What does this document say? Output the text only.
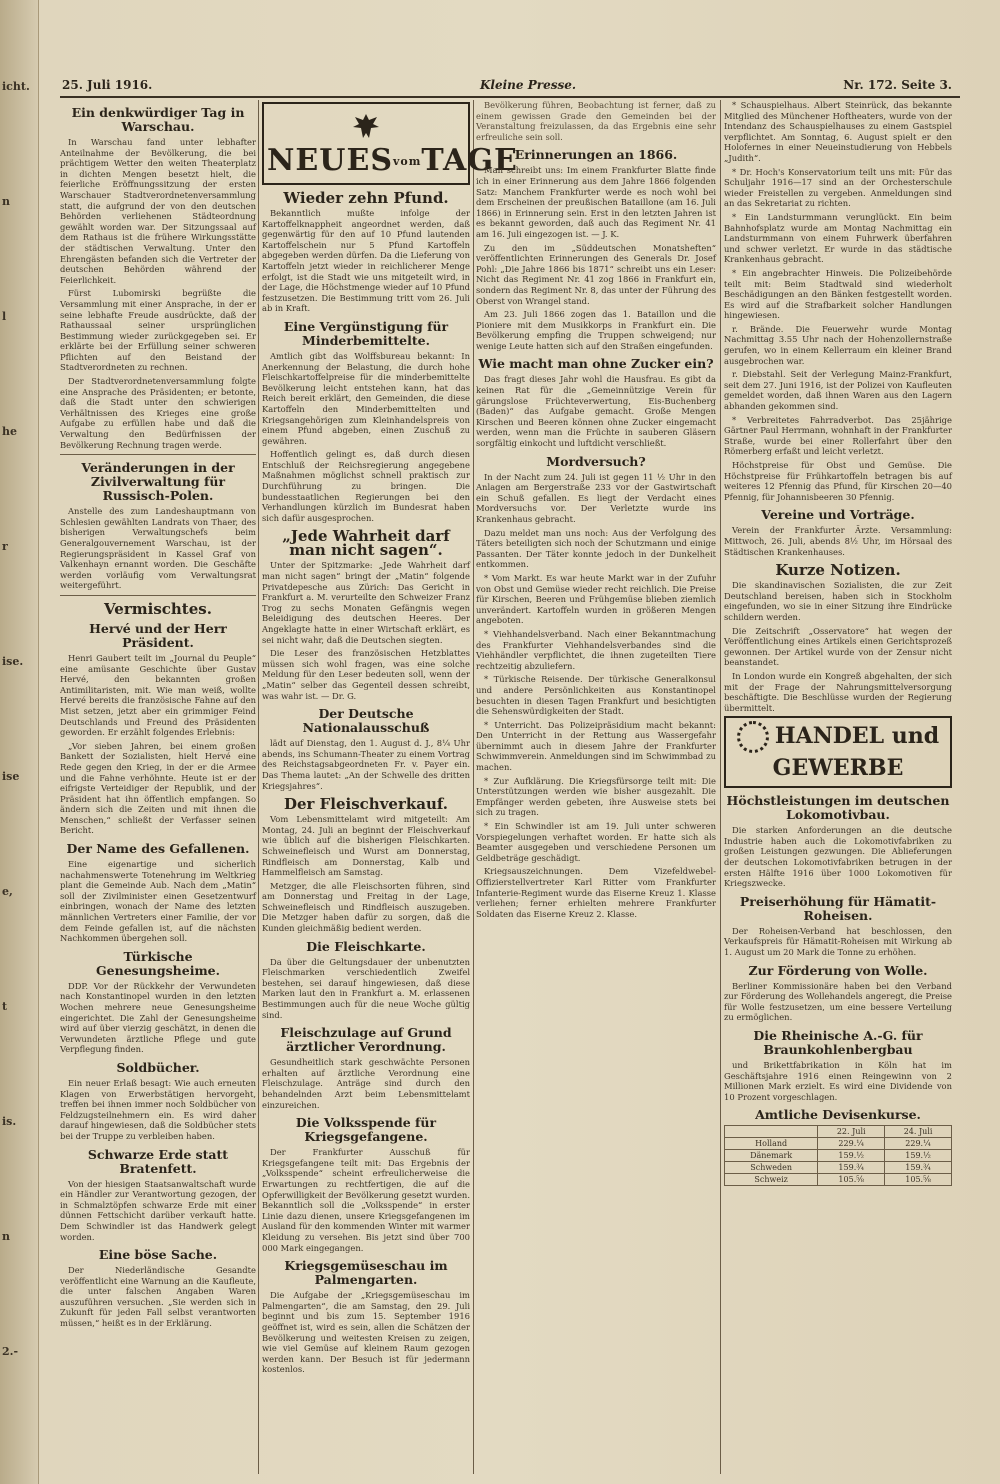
icht.
n
l
he
r
ise.
ise
e,
t
is.
n
2.-
25. Juli 1916.	Kleine Presse.	Nr. 172. Seite 3.
Ein denkwürdiger Tag in Warschau.

In Warschau fand unter lebhafter Anteilnahme der Bevölkerung, die bei prächtigem Wetter den weiten Theaterplatz in dichten Mengen besetzt hielt, die feierliche Eröffnungssitzung der ersten Warschauer Stadtverordnetenversammlung statt, die aufgrund der von den deutschen Behörden verliehenen Städteordnung gewählt worden war. Der Sitzungssaal auf dem Rathaus ist die frühere Wirkungsstätte der städtischen Verwaltung. Unter den Ehrengästen befanden sich die Vertreter der deutschen Behörden während der Feierlichkeit.

Fürst Lubomirski begrüßte die Versammlung mit einer Ansprache, in der er seine lebhafte Freude ausdrückte, daß der Rathaussaal seiner ursprünglichen Bestimmung wieder zurückgegeben sei. Er erklärte bei der Erfüllung seiner schweren Pflichten auf den Beistand der Stadtverordneten zu rechnen.

Der Stadtverordnetenversammlung folgte eine Ansprache des Präsidenten; er betonte, daß die Stadt unter den schwierigen Verhältnissen des Krieges eine große Aufgabe zu erfüllen habe und daß die Verwaltung den Bedürfnissen der Bevölkerung Rechnung tragen werde.

Veränderungen in der Zivilverwaltung für Russisch-Polen.

Anstelle des zum Landeshauptmann von Schlesien gewählten Landrats von Thaer, des bisherigen Verwaltungschefs beim Generalgouvernement Warschau, ist der Regierungspräsident in Kassel Graf von Valkenhayn ernannt worden. Die Geschäfte werden vorläufig vom Verwaltungsrat weitergeführt.

Vermischtes.
Hervé und der Herr Präsident.

Henri Gaubert teilt im „Journal du Peuple“ eine amüsante Geschichte über Gustav Hervé, den bekannten großen Antimilitaristen, mit. Wie man weiß, wollte Hervé bereits die französische Fahne auf den Mist setzen, jetzt aber ein grimmiger Feind Deutschlands und Freund des Präsidenten geworden. Er erzählt folgendes Erlebnis:

„Vor sieben Jahren, bei einem großen Bankett der Sozialisten, hielt Hervé eine Rede gegen den Krieg, in der er die Armee und die Fahne verhöhnte. Heute ist er der eifrigste Verteidiger der Republik, und der Präsident hat ihn öffentlich empfangen. So ändern sich die Zeiten und mit ihnen die Menschen,“ schließt der Verfasser seinen Bericht.

Der Name des Gefallenen.

Eine eigenartige und sicherlich nachahmenswerte Totenehrung im Weltkrieg plant die Gemeinde Aub. Nach dem „Matin“ soll der Zivilminister einen Gesetzentwurf einbringen, wonach der Name des letzten männlichen Vertreters einer Familie, der vor dem Feinde gefallen ist, auf die nächsten Nachkommen übergehen soll.

Türkische Genesungsheime.

DDP. Vor der Rückkehr der Verwundeten nach Konstantinopel wurden in den letzten Wochen mehrere neue Genesungsheime eingerichtet. Die Zahl der Genesungsheime wird auf über vierzig geschätzt, in denen die Verwundeten ärztliche Pflege und gute Verpflegung finden.

Soldbücher.

Ein neuer Erlaß besagt: Wie auch erneuten Klagen von Erwerbstätigen hervorgeht, treffen bei ihnen immer noch Soldbücher von Feldzugsteilnehmern ein. Es wird daher darauf hingewiesen, daß die Soldbücher stets bei der Truppe zu verbleiben haben.

Schwarze Erde statt Bratenfett.

Von der hiesigen Staatsanwaltschaft wurde ein Händler zur Verantwortung gezogen, der in Schmalztöpfen schwarze Erde mit einer dünnen Fettschicht darüber verkauft hatte. Dem Schwindler ist das Handwerk gelegt worden.

Eine böse Sache.

Der Niederländische Gesandte veröffentlicht eine Warnung an die Kaufleute, die unter falschen Angaben Waren auszuführen versuchen. „Sie werden sich in Zukunft für jeden Fall selbst verantworten müssen,“ heißt es in der Erklärung.

NEUESvomTAGE
Wieder zehn Pfund.

Bekanntlich mußte infolge der Kartoffelknappheit angeordnet werden, daß gegenwärtig für den auf 10 Pfund lautenden Kartoffelschein nur 5 Pfund Kartoffeln abgegeben werden dürfen. Da die Lieferung von Kartoffeln jetzt wieder in reichlicherer Menge erfolgt, ist die Stadt wie uns mitgeteilt wird, in der Lage, die Höchstmenge wieder auf 10 Pfund festzusetzen. Die Bestimmung tritt vom 26. Juli ab in Kraft.

Eine Vergünstigung für Minderbemittelte.

Amtlich gibt das Wolffsbureau bekannt: In Anerkennung der Belastung, die durch hohe Fleischkartoffelpreise für die minderbemittelte Bevölkerung leicht entstehen kann, hat das Reich bereit erklärt, den Gemeinden, die diese Kartoffeln den Minderbemittelten und Kriegsangehörigen zum Kleinhandelspreis von einem Pfund abgeben, einen Zuschuß zu gewähren.

Hoffentlich gelingt es, daß durch diesen Entschluß der Reichsregierung angegebene Maßnahmen möglichst schnell praktisch zur Durchführung zu bringen. Die bundesstaatlichen Regierungen bei den Verhandlungen kürzlich im Bundesrat haben sich dafür ausgesprochen.

„Jede Wahrheit darf man nicht sagen“.

Unter der Spitzmarke: „Jede Wahrheit darf man nicht sagen“ bringt der „Matin“ folgende Privatdepesche aus Zürich: Das Gericht in Frankfurt a. M. verurteilte den Schweizer Franz Trog zu sechs Monaten Gefängnis wegen Beleidigung des deutschen Heeres. Der Angeklagte hatte in einer Wirtschaft erklärt, es sei nicht wahr, daß die Deutschen siegten.

Die Leser des französischen Hetzblattes müssen sich wohl fragen, was eine solche Meldung für den Leser bedeuten soll, wenn der „Matin“ selber das Gegenteil dessen schreibt, was wahr ist. — Dr. G.

Der Deutsche Nationalausschuß

lädt auf Dienstag, den 1. August d. J., 8¼ Uhr abends, ins Schumann-Theater zu einem Vortrag des Reichstagsabgeordneten Fr. v. Payer ein. Das Thema lautet: „An der Schwelle des dritten Kriegsjahres“.

Der Fleischverkauf.

Vom Lebensmittelamt wird mitgeteilt: Am Montag, 24. Juli an beginnt der Fleischverkauf wie üblich auf die bisherigen Fleischkarten. Schweinefleisch und Wurst am Donnerstag, Rindfleisch am Donnerstag, Kalb und Hammelfleisch am Samstag.

Metzger, die alle Fleischsorten führen, sind am Donnerstag und Freitag in der Lage, Schweinefleisch und Rindfleisch auszugeben. Die Metzger haben dafür zu sorgen, daß die Kunden gleichmäßig bedient werden.

Die Fleischkarte.

Da über die Geltungsdauer der unbenutzten Fleischmarken verschiedentlich Zweifel bestehen, sei darauf hingewiesen, daß diese Marken laut den in Frankfurt a. M. erlassenen Bestimmungen auch für die neue Woche gültig sind.

Fleischzulage auf Grund ärztlicher Verordnung.

Gesundheitlich stark geschwächte Personen erhalten auf ärztliche Verordnung eine Fleischzulage. Anträge sind durch den behandelnden Arzt beim Lebensmittelamt einzureichen.

Die Volksspende für Kriegsgefangene.

Der Frankfurter Ausschuß für Kriegsgefangene teilt mit: Das Ergebnis der „Volksspende“ scheint erfreulicherweise die Erwartungen zu rechtfertigen, die auf die Opferwilligkeit der Bevölkerung gesetzt wurden. Bekanntlich soll die „Volksspende“ in erster Linie dazu dienen, unsere Kriegsgefangenen im Ausland für den kommenden Winter mit warmer Kleidung zu versehen. Bis jetzt sind über 700 000 Mark eingegangen.

Kriegsgemüseschau im Palmengarten.

Die Aufgabe der „Kriegsgemüseschau im Palmengarten“, die am Samstag, den 29. Juli beginnt und bis zum 15. September 1916 geöffnet ist, wird es sein, allen die Schätzen der Bevölkerung und weitesten Kreisen zu zeigen, wie viel Gemüse auf kleinem Raum gezogen werden kann. Der Besuch ist für jedermann kostenlos.

Bevölkerung führen, Beobachtung ist ferner, daß zu einem gewissen Grade den Gemeinden bei der Veranstaltung freizulassen, da das Ergebnis eine sehr erfreuliche sein soll.

Erinnerungen an 1866.

Man schreibt uns: Im einem Frankfurter Blatte finde ich in einer Erinnerung aus dem Jahre 1866 folgenden Satz: Manchem Frankfurter werde es noch wohl bei dem Erscheinen der preußischen Bataillone (am 16. Juli 1866) in Erinnerung sein. Erst in den letzten Jahren ist es bekannt geworden, daß auch das Regiment Nr. 41 am 16. Juli eingezogen ist. — J. K.

Zu den im „Süddeutschen Monatsheften“ veröffentlichten Erinnerungen des Generals Dr. Josef Pohl: „Die Jahre 1866 bis 1871“ schreibt uns ein Leser: Nicht das Regiment Nr. 41 zog 1866 in Frankfurt ein, sondern das Regiment Nr. 8, das unter der Führung des Oberst von Wrangel stand.

Am 23. Juli 1866 zogen das 1. Bataillon und die Pioniere mit dem Musikkorps in Frankfurt ein. Die Bevölkerung empfing die Truppen schweigend; nur wenige Leute hatten sich auf den Straßen eingefunden.

Wie macht man ohne Zucker ein?

Das fragt dieses Jahr wohl die Hausfrau. Es gibt da keinen Rat für die „Gemeinnützige Verein für gärungslose Früchteverwertung, Eis-Buchenberg (Baden)“ das Aufgabe gemacht. Große Mengen Kirschen und Beeren können ohne Zucker eingemacht werden, wenn man die Früchte in sauberen Gläsern sorgfältig einkocht und luftdicht verschließt.

Mordversuch?

In der Nacht zum 24. Juli ist gegen 11 ½ Uhr in den Anlagen am Bergerstraße 233 vor der Gastwirtschaft ein Schuß gefallen. Es liegt der Verdacht eines Mordversuchs vor. Der Verletzte wurde ins Krankenhaus gebracht.

Dazu meldet man uns noch: Aus der Verfolgung des Täters beteiligten sich noch der Schutzmann und einige Passanten. Der Täter konnte jedoch in der Dunkelheit entkommen.

* Vom Markt. Es war heute Markt war in der Zufuhr von Obst und Gemüse wieder recht reichlich. Die Preise für Kirschen, Beeren und Frühgemüse blieben ziemlich unverändert. Kartoffeln wurden in größeren Mengen angeboten.

* Viehhandelsverband. Nach einer Bekanntmachung des Frankfurter Viehhandelsverbandes sind die Viehhändler verpflichtet, die ihnen zugeteilten Tiere rechtzeitig abzuliefern.

* Türkische Reisende. Der türkische Generalkonsul und andere Persönlichkeiten aus Konstantinopel besuchten in diesen Tagen Frankfurt und besichtigten die Sehenswürdigkeiten der Stadt.

* Unterricht. Das Polizeipräsidium macht bekannt: Den Unterricht in der Rettung aus Wassergefahr übernimmt auch in diesem Jahre der Frankfurter Schwimmverein. Anmeldungen sind im Schwimmbad zu machen.

* Zur Aufklärung. Die Kriegsfürsorge teilt mit: Die Unterstützungen werden wie bisher ausgezahlt. Die Empfänger werden gebeten, ihre Ausweise stets bei sich zu tragen.

* Ein Schwindler ist am 19. Juli unter schweren Vorspiegelungen verhaftet worden. Er hatte sich als Beamter ausgegeben und verschiedene Personen um Geldbeträge geschädigt.

Kriegsauszeichnungen. Dem Vizefeldwebel-Offizierstellvertreter Karl Ritter vom Frankfurter Infanterie-Regiment wurde das Eiserne Kreuz 1. Klasse verliehen; ferner erhielten mehrere Frankfurter Soldaten das Eiserne Kreuz 2. Klasse.

* Schauspielhaus. Albert Steinrück, das bekannte Mitglied des Münchener Hoftheaters, wurde von der Intendanz des Schauspielhauses zu einem Gastspiel verpflichtet. Am Sonntag, 6. August spielt er den Holofernes in einer Neueinstudierung von Hebbels „Judith“.

* Dr. Hoch's Konservatorium teilt uns mit: Für das Schuljahr 1916—17 sind an der Orchesterschule wieder Freistellen zu vergeben. Anmeldungen sind an das Sekretariat zu richten.

* Ein Landsturmmann verunglückt. Ein beim Bahnhofsplatz wurde am Montag Nachmittag ein Landsturmmann von einem Fuhrwerk überfahren und schwer verletzt. Er wurde in das städtische Krankenhaus gebracht.

* Ein angebrachter Hinweis. Die Polizeibehörde teilt mit: Beim Stadtwald sind wiederholt Beschädigungen an den Bänken festgestellt worden. Es wird auf die Strafbarkeit solcher Handlungen hingewiesen.

r. Brände. Die Feuerwehr wurde Montag Nachmittag 3.55 Uhr nach der Hohenzollernstraße gerufen, wo in einem Kellerraum ein kleiner Brand ausgebrochen war.

r. Diebstahl. Seit der Verlegung Mainz-Frankfurt, seit dem 27. Juni 1916, ist der Polizei von Kaufleuten gemeldet worden, daß ihnen Waren aus den Lagern abhanden gekommen sind.

* Verbreitetes Fahrradverbot. Das 25jährige Gärtner Paul Herrmann, wohnhaft in der Frankfurter Straße, wurde bei einer Rollerfahrt über den Römerberg erfaßt und leicht verletzt.

Höchstpreise für Obst und Gemüse. Die Höchstpreise für Frühkartoffeln betragen bis auf weiteres 12 Pfennig das Pfund, für Kirschen 20—40 Pfennig, für Johannisbeeren 30 Pfennig.

Vereine und Vorträge.

Verein der Frankfurter Ärzte. Versammlung: Mittwoch, 26. Juli, abends 8½ Uhr, im Hörsaal des Städtischen Krankenhauses.

Kurze Notizen.

Die skandinavischen Sozialisten, die zur Zeit Deutschland bereisen, haben sich in Stockholm eingefunden, wo sie in einer Sitzung ihre Eindrücke schildern werden.

Die Zeitschrift „Osservatore“ hat wegen der Veröffentlichung eines Artikels einen Gerichtsprozeß gewonnen. Der Artikel wurde von der Zensur nicht beanstandet.

In London wurde ein Kongreß abgehalten, der sich mit der Frage der Nahrungsmittelversorgung beschäftigte. Die Beschlüsse wurden der Regierung übermittelt.

HANDEL und GEWERBE
Höchstleistungen im deutschen Lokomotivbau.

Die starken Anforderungen an die deutsche Industrie haben auch die Lokomotivfabriken zu großen Leistungen gezwungen. Die Ablieferungen der deutschen Lokomotivfabriken betrugen in der ersten Hälfte 1916 über 1000 Lokomotiven für Kriegszwecke.

Preiserhöhung für Hämatit-Roheisen.

Der Roheisen-Verband hat beschlossen, den Verkaufspreis für Hämatit-Roheisen mit Wirkung ab 1. August um 20 Mark die Tonne zu erhöhen.

Zur Förderung von Wolle.

Berliner Kommissionäre haben bei den Verband zur Förderung des Wollehandels angeregt, die Preise für Wolle festzusetzen, um eine bessere Verteilung zu ermöglichen.

Die Rheinische A.-G. für Braunkohlenbergbau

und Brikettfabrikation in Köln hat im Geschäftsjahre 1916 einen Reingewinn von 2 Millionen Mark erzielt. Es wird eine Dividende von 10 Prozent vorgeschlagen.

Amtliche Devisenkurse.
	22. Juli	24. Juli
Holland	229.¼	229.¼
Dänemark	159.½	159.½
Schweden	159.¾	159.¾
Schweiz	105.⅝	105.⅝
